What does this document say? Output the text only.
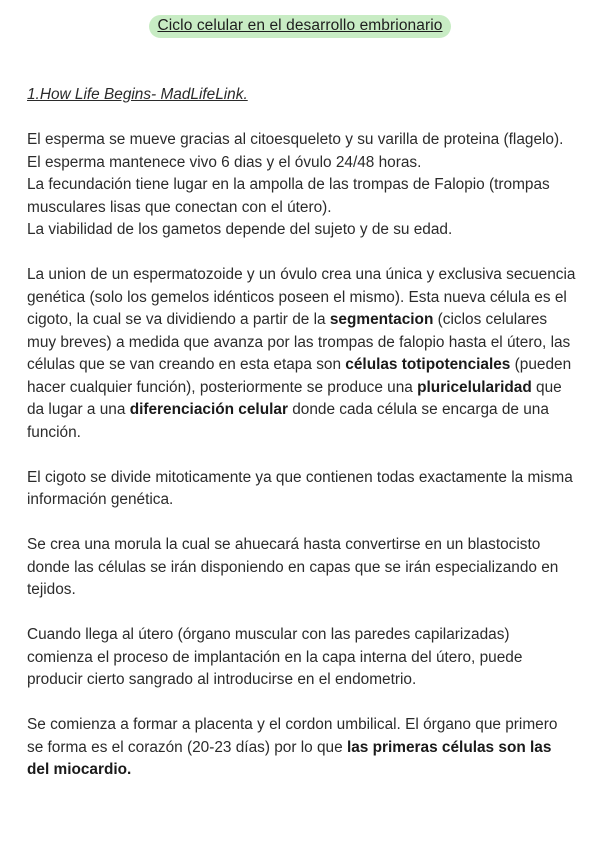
Ciclo celular en el desarrollo embrionario
1.How Life Begins- MadLifeLink.

El esperma se mueve gracias al citoesqueleto y su varilla de proteina (flagelo).
El esperma mantenece vivo 6 dias y el óvulo 24/48 horas.
La fecundación tiene lugar en la ampolla de las trompas de Falopio (trompas musculares lisas que conectan con el útero).
La viabilidad de los gametos depende del sujeto y de su edad.

La union de un espermatozoide y un óvulo crea una única y exclusiva secuencia genética (solo los gemelos idénticos poseen el mismo). Esta nueva célula es el cigoto, la cual se va dividiendo a partir de la segmentacion (ciclos celulares muy breves) a medida que avanza por las trompas de falopio hasta el útero, las células que se van creando en esta etapa son células totipotenciales (pueden hacer cualquier función), posteriormente se produce una pluricelularidad que da lugar a una diferenciación celular donde cada célula se encarga de una función.

El cigoto se divide mitoticamente ya que contienen todas exactamente la misma información genética.

Se crea una morula la cual se ahuecará hasta convertirse en un blastocisto donde las células se irán disponiendo en capas que se irán especializando en tejidos.

Cuando llega al útero (órgano muscular con las paredes capilarizadas) comienza el proceso de implantación en la capa interna del útero, puede producir cierto sangrado al introducirse en el endometrio.

Se comienza a formar a placenta y el cordon umbilical. El órgano que primero se forma es el corazón (20-23 días) por lo que las primeras células son las del miocardio.
